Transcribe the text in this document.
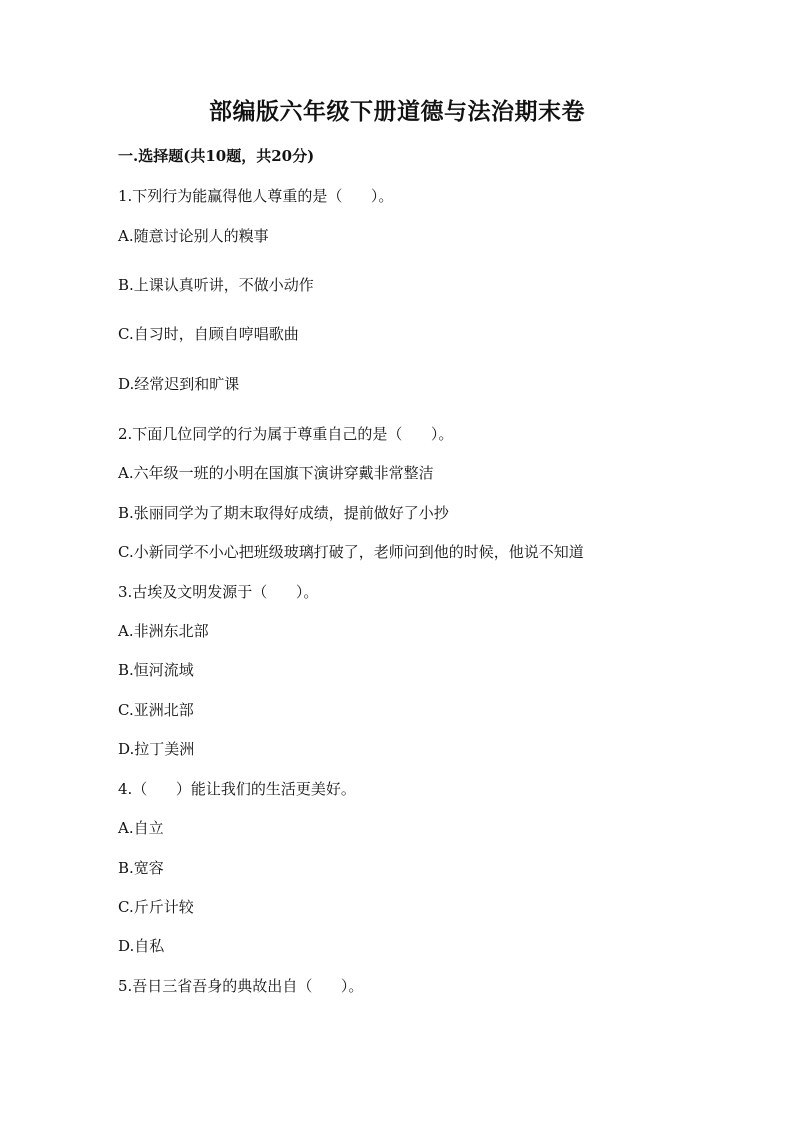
部编版六年级下册道德与法治期末卷
一.选择题(共10题，共20分)
1.下列行为能赢得他人尊重的是（      ）。
A.随意讨论别人的糗事
B.上课认真听讲，不做小动作
C.自习时，自顾自哼唱歌曲
D.经常迟到和旷课
2.下面几位同学的行为属于尊重自己的是（      ）。
A.六年级一班的小明在国旗下演讲穿戴非常整洁
B.张丽同学为了期末取得好成绩，提前做好了小抄
C.小新同学不小心把班级玻璃打破了，老师问到他的时候，他说不知道
3.古埃及文明发源于（      ）。
A.非洲东北部
B.恒河流域
C.亚洲北部
D.拉丁美洲
4.（      ）能让我们的生活更美好。
A.自立
B.宽容
C.斤斤计较
D.自私
5.吾日三省吾身的典故出自（      ）。
